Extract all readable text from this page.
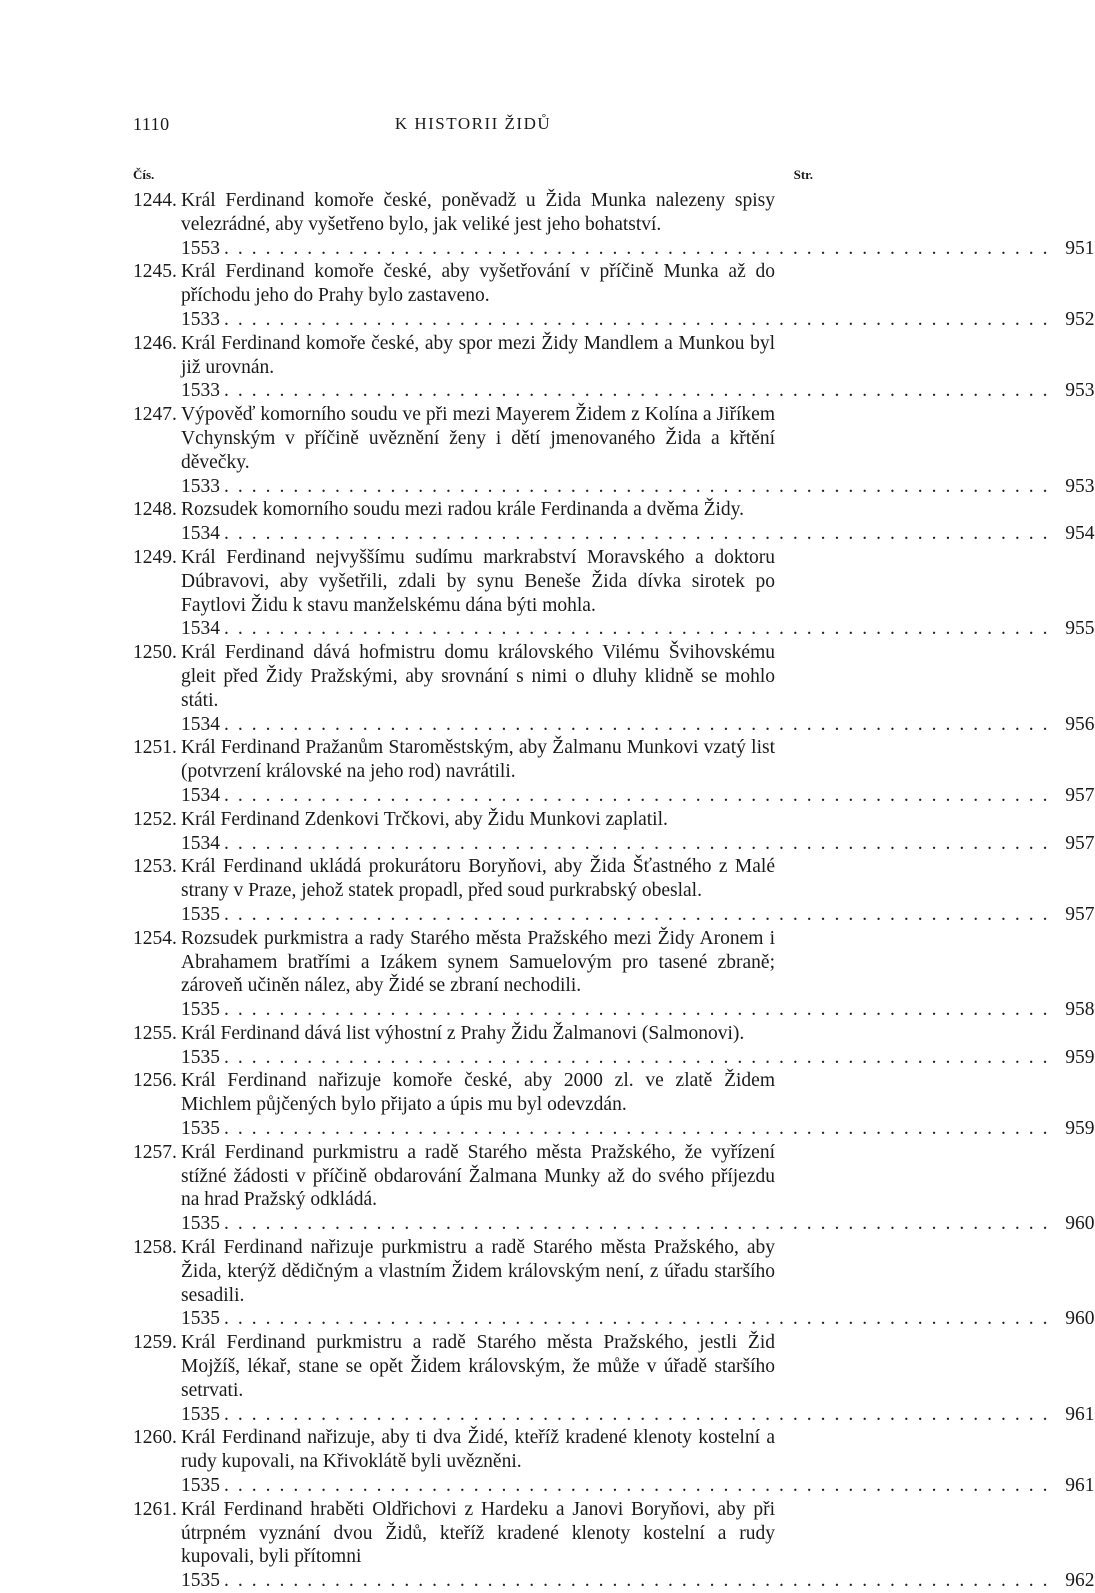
1110	K HISTORII ŽIDŮ
Čís.	Str.
1244. Král Ferdinand komoře české, poněvadž u Žida Munka nalezeny spisy velezrádné, aby vyšetřeno bylo, jak veliké jest jeho bohatství.
1553 ............................................................ 951
1245. Král Ferdinand komoře české, aby vyšetřování v příčině Munka až do příchodu jeho do Prahy bylo zastaveno.
1533 ............................................................ 952
1246. Král Ferdinand komoře české, aby spor mezi Židy Mandlem a Munkou byl již urovnán.
1533 ............................................................ 953
1247. Výpověď komorního soudu ve při mezi Mayerem Židem z Kolína a Jiříkem Vchynským v příčině uvěznění ženy i dětí jmenovaného Žida a křtění děvečky.
1533 ............................................................ 953
1248. Rozsudek komorního soudu mezi radou krále Ferdinanda a dvěma Židy.
1534 ............................................................ 954
1249. Král Ferdinand nejvyššímu sudímu markrabství Moravského a doktoru Dúbravovi, aby vyšetřili, zdali by synu Beneše Žida dívka sirotek po Faytlovi Židu k stavu manželskému dána býti mohla.
1534 ............................................................ 955
1250. Král Ferdinand dává hofmistru domu královského Vilému Švihovskému gleit před Židy Pražskými, aby srovnání s nimi o dluhy klidně se mohlo státi.
1534 ............................................................ 956
1251. Král Ferdinand Pražanům Staroměstským, aby Žalmanu Munkovi vzatý list (potvrzení královské na jeho rod) navrátili.
1534 ............................................................ 957
1252. Král Ferdinand Zdenkovi Trčkovi, aby Židu Munkovi zaplatil.
1534 ............................................................ 957
1253. Král Ferdinand ukládá prokurátoru Boryňovi, aby Žida Šťastného z Malé strany v Praze, jehož statek propadl, před soud purkrabský obeslal.
1535 ............................................................ 957
1254. Rozsudek purkmistra a rady Starého města Pražského mezi Židy Aronem i Abrahamem bratřími a Izákem synem Samuelovým pro tasené zbraně; zároveň učiněn nález, aby Židé se zbraní nechodili.
1535 ............................................................ 958
1255. Král Ferdinand dává list výhostní z Prahy Židu Žalmanovi (Salmonovi).
1535 ............................................................ 959
1256. Král Ferdinand nařizuje komoře české, aby 2000 zl. ve zlatě Židem Michlem půjčených bylo přijato a úpis mu byl odevzdán.
1535 ............................................................ 959
1257. Král Ferdinand purkmistru a radě Starého města Pražského, že vyřízení stížné žádosti v příčině obdarování Žalmana Munky až do svého příjezdu na hrad Pražský odkládá.
1535 ............................................................ 960
1258. Král Ferdinand nařizuje purkmistru a radě Starého města Pražského, aby Žida, kterýž dědičným a vlastním Židem královským není, z úřadu staršího sesadili.
1535 ............................................................ 960
1259. Král Ferdinand purkmistru a radě Starého města Pražského, jestli Žid Mojžíš, lékař, stane se opět Židem královským, že může v úřadě staršího setrvati.
1535 ............................................................ 961
1260. Král Ferdinand nařizuje, aby ti dva Židé, kteříž kradené klenoty kostelní a rudy kupovali, na Křivoklátě byli uvězněni.
1535 ............................................................ 961
1261. Král Ferdinand hraběti Oldřichovi z Hardeku a Janovi Boryňovi, aby při útrpném vyznání dvou Židů, kteříž kradené klenoty kostelní a rudy kupovali, byli přítomni
1535 ............................................................ 962
